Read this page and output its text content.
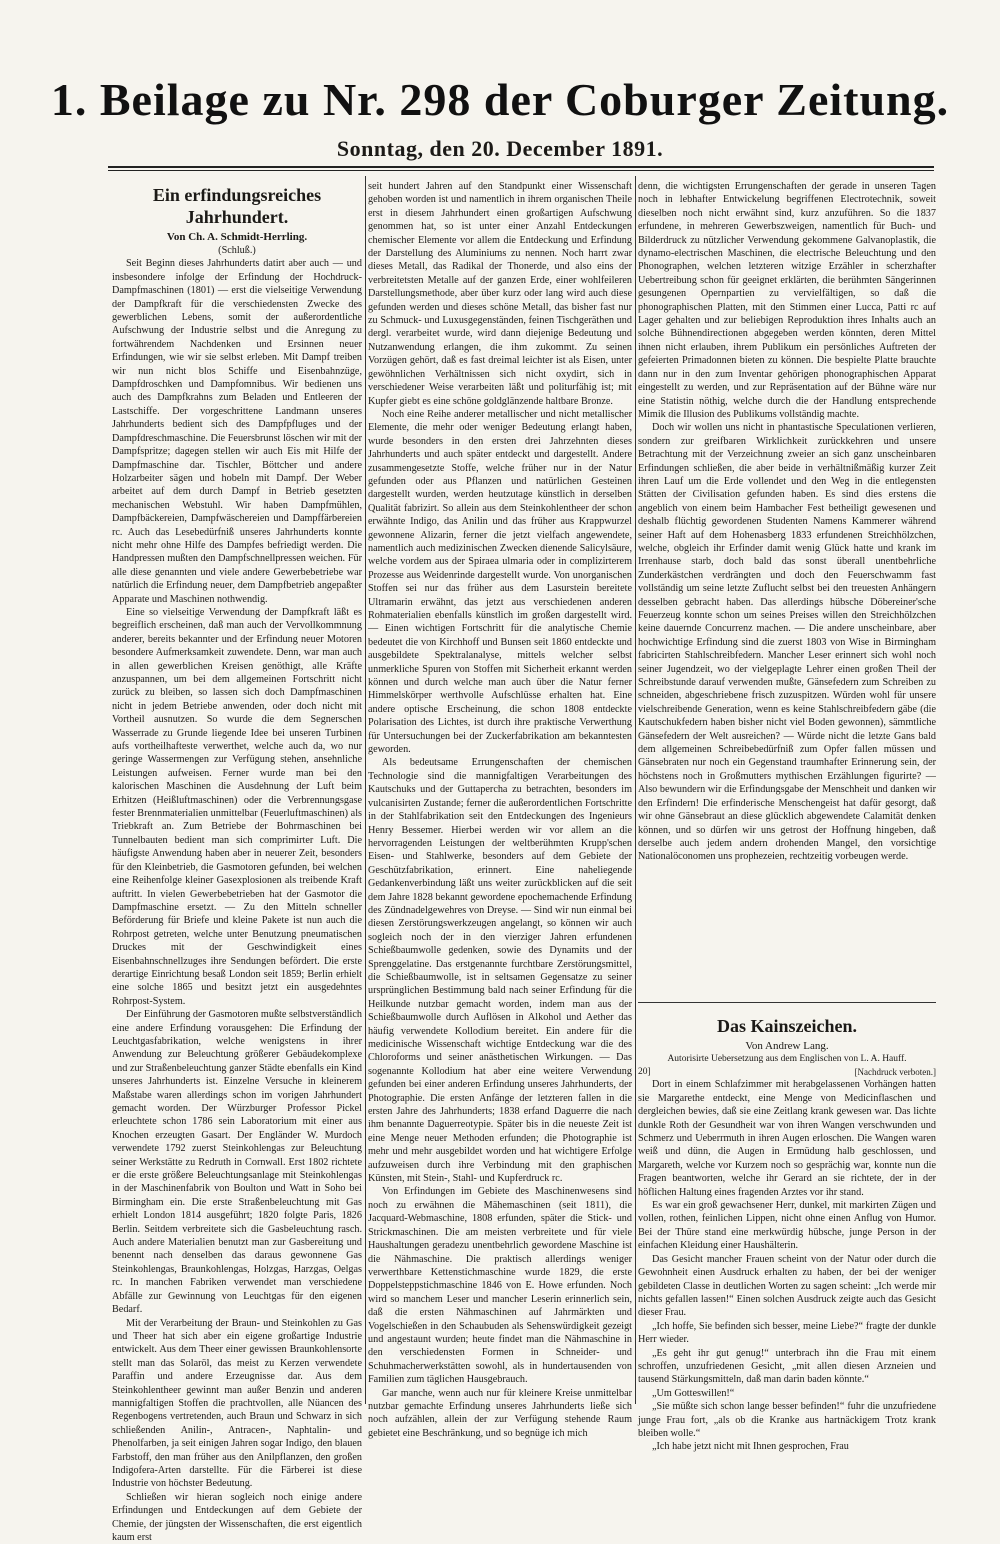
1. Beilage zu Nr. 298 der Coburger Zeitung.
Sonntag, den 20. December 1891.
Ein erfindungsreiches Jahrhundert.
Von Ch. A. Schmidt-Herrling.
(Schluß.)

Seit Beginn dieses Jahrhunderts datirt aber auch — und insbesondere infolge der Erfindung der Hochdruck-Dampfmaschinen (1801) — erst die vielseitige Verwendung der Dampfkraft für die verschiedensten Zwecke des gewerblichen Lebens, somit der außerordentliche Aufschwung der Industrie selbst und die Anregung zu fortwährendem Nachdenken und Ersinnen neuer Erfindungen, wie wir sie selbst erleben. Mit Dampf treiben wir nun nicht blos Schiffe und Eisenbahnzüge, Dampfdroschken und Dampfomnibus. Wir bedienen uns auch des Dampfkrahns zum Beladen und Entleeren der Lastschiffe. Der vorgeschrittene Landmann unseres Jahrhunderts bedient sich des Dampfpfluges und der Dampfdreschmaschine. Die Feuersbrunst löschen wir mit der Dampfspritze; dagegen stellen wir auch Eis mit Hilfe der Dampfmaschine dar. Tischler, Böttcher und andere Holzarbeiter sägen und hobeln mit Dampf. Der Weber arbeitet auf dem durch Dampf in Betrieb gesetzten mechanischen Webstuhl. Wir haben Dampfmühlen, Dampfbäckereien, Dampfwäschereien und Dampffärbereien rc. Auch das Lesebedürfniß unseres Jahrhunderts konnte nicht mehr ohne Hilfe des Dampfes befriedigt werden. Die Handpressen mußten den Dampfschnellpressen weichen. Für alle diese genannten und viele andere Gewerbebetriebe war natürlich die Erfindung neuer, dem Dampfbetrieb angepaßter Apparate und Maschinen nothwendig.

Eine so vielseitige Verwendung der Dampfkraft läßt es begreiflich erscheinen, daß man auch der Vervollkommnung anderer, bereits bekannter und der Erfindung neuer Motoren besondere Aufmerksamkeit zuwendete. Denn, war man auch in allen gewerblichen Kreisen genöthigt, alle Kräfte anzuspannen, um bei dem allgemeinen Fortschritt nicht zurück zu bleiben, so lassen sich doch Dampfmaschinen nicht in jedem Betriebe anwenden, oder doch nicht mit Vortheil ausnutzen. So wurde die dem Segnerschen Wasserrade zu Grunde liegende Idee bei unseren Turbinen aufs vortheilhafteste verwerthet, welche auch da, wo nur geringe Wassermengen zur Verfügung stehen, ansehnliche Leistungen aufweisen. Ferner wurde man bei den kalorischen Maschinen die Ausdehnung der Luft beim Erhitzen (Heißluftmaschinen) oder die Verbrennungsgase fester Brennmaterialien unmittelbar (Feuerluftmaschinen) als Triebkraft an. Zum Betriebe der Bohrmaschinen bei Tunnelbauten bedient man sich comprimirter Luft. Die häufigste Anwendung haben aber in neuerer Zeit, besonders für den Kleinbetrieb, die Gasmotoren gefunden, bei welchen eine Reihenfolge kleiner Gasexplosionen als treibende Kraft auftritt. In vielen Gewerbebetrieben hat der Gasmotor die Dampfmaschine ersetzt. — Zu den Mitteln schneller Beförderung für Briefe und kleine Pakete ist nun auch die Rohrpost getreten, welche unter Benutzung pneumatischen Druckes mit der Geschwindigkeit eines Eisenbahnschnellzuges ihre Sendungen befördert. Die erste derartige Einrichtung besaß London seit 1859; Berlin erhielt eine solche 1865 und besitzt jetzt ein ausgedehntes Rohrpost-System.

Der Einführung der Gasmotoren mußte selbstverständlich eine andere Erfindung vorausgehen: Die Erfindung der Leuchtgasfabrikation, welche wenigstens in ihrer Anwendung zur Beleuchtung größerer Gebäudekomplexe und zur Straßenbeleuchtung ganzer Städte ebenfalls ein Kind unseres Jahrhunderts ist. Einzelne Versuche in kleinerem Maßstabe waren allerdings schon im vorigen Jahrhundert gemacht worden. Der Würzburger Professor Pickel erleuchtete schon 1786 sein Laboratorium mit einer aus Knochen erzeugten Gasart. Der Engländer W. Murdoch verwendete 1792 zuerst Steinkohlengas zur Beleuchtung seiner Werkstätte zu Redruth in Cornwall. Erst 1802 richtete er die erste größere Beleuchtungsanlage mit Steinkohlengas in der Maschinenfabrik von Boulton und Watt in Soho bei Birmingham ein. Die erste Straßenbeleuchtung mit Gas erhielt London 1814 ausgeführt; 1820 folgte Paris, 1826 Berlin. Seitdem verbreitete sich die Gasbeleuchtung rasch. Auch andere Materialien benutzt man zur Gasbereitung und benennt nach denselben das daraus gewonnene Gas Steinkohlengas, Braunkohlengas, Holzgas, Harzgas, Oelgas rc. In manchen Fabriken verwendet man verschiedene Abfälle zur Gewinnung von Leuchtgas für den eigenen Bedarf.

Mit der Verarbeitung der Braun- und Steinkohlen zu Gas und Theer hat sich aber ein eigene großartige Industrie entwickelt. Aus dem Theer einer gewissen Braunkohlensorte stellt man das Solaröl, das meist zu Kerzen verwendete Paraffin und andere Erzeugnisse dar. Aus dem Steinkohlentheer gewinnt man außer Benzin und anderen mannigfaltigen Stoffen die prachtvollen, alle Nüancen des Regenbogens vertretenden, auch Braun und Schwarz in sich schließenden Anilin-, Antracen-, Naphtalin- und Phenolfarben, ja seit einigen Jahren sogar Indigo, den blauen Farbstoff, den man früher aus den Anilpflanzen, den großen Indigofera-Arten darstellte. Für die Färberei ist diese Industrie von höchster Bedeutung.

Schließen wir hieran sogleich noch einige andere Erfindungen und Entdeckungen auf dem Gebiete der Chemie, der jüngsten der Wissenschaften, die erst eigentlich kaum erst

seit hundert Jahren auf den Standpunkt einer Wissenschaft gehoben worden ist und namentlich in ihrem organischen Theile erst in diesem Jahrhundert einen großartigen Aufschwung genommen hat, so ist unter einer Anzahl Entdeckungen chemischer Elemente vor allem die Entdeckung und Erfindung der Darstellung des Aluminiums zu nennen. Noch harrt zwar dieses Metall, das Radikal der Thonerde, und also eins der verbreitetsten Metalle auf der ganzen Erde, einer wohlfeileren Darstellungsmethode, aber über kurz oder lang wird auch diese gefunden werden und dieses schöne Metall, das bisher fast nur zu Schmuck- und Luxusgegenständen, feinen Tischgeräthen und dergl. verarbeitet wurde, wird dann diejenige Bedeutung und Nutzanwendung erlangen, die ihm zukommt. Zu seinen Vorzügen gehört, daß es fast dreimal leichter ist als Eisen, unter gewöhnlichen Verhältnissen sich nicht oxydirt, sich in verschiedener Weise verarbeiten läßt und politurfähig ist; mit Kupfer giebt es eine schöne goldglänzende haltbare Bronze.

Noch eine Reihe anderer metallischer und nicht metallischer Elemente, die mehr oder weniger Bedeutung erlangt haben, wurde besonders in den ersten drei Jahrzehnten dieses Jahrhunderts und auch später entdeckt und dargestellt. Andere zusammengesetzte Stoffe, welche früher nur in der Natur gefunden oder aus Pflanzen und natürlichen Gesteinen dargestellt wurden, werden heutzutage künstlich in derselben Qualität fabrizirt. So allein aus dem Steinkohlentheer der schon erwähnte Indigo, das Anilin und das früher aus Krappwurzel gewonnene Alizarin, ferner die jetzt vielfach angewendete, namentlich auch medizinischen Zwecken dienende Salicylsäure, welche vordem aus der Spiraea ulmaria oder in complizirterem Prozesse aus Weidenrinde dargestellt wurde. Von unorganischen Stoffen sei nur das früher aus dem Lasurstein bereitete Ultramarin erwähnt, das jetzt aus verschiedenen anderen Rohmaterialien ebenfalls künstlich im großen dargestellt wird. — Einen wichtigen Fortschritt für die analytische Chemie bedeutet die von Kirchhoff und Bunsen seit 1860 entdeckte und ausgebildete Spektralanalyse, mittels welcher selbst unmerkliche Spuren von Stoffen mit Sicherheit erkannt werden können und durch welche man auch über die Natur ferner Himmelskörper werthvolle Aufschlüsse erhalten hat. Eine andere optische Erscheinung, die schon 1808 entdeckte Polarisation des Lichtes, ist durch ihre praktische Verwerthung für Untersuchungen bei der Zuckerfabrikation am bekanntesten geworden.

Als bedeutsame Errungenschaften der chemischen Technologie sind die mannigfaltigen Verarbeitungen des Kautschuks und der Guttapercha zu betrachten, besonders im vulcanisirten Zustande; ferner die außerordentlichen Fortschritte in der Stahlfabrikation seit den Entdeckungen des Ingenieurs Henry Bessemer. Hierbei werden wir vor allem an die hervorragenden Leistungen der weltberühmten Krupp'schen Eisen- und Stahlwerke, besonders auf dem Gebiete der Geschützfabrikation, erinnert. Eine naheliegende Gedankenverbindung läßt uns weiter zurückblicken auf die seit dem Jahre 1828 bekannt gewordene epochemachende Erfindung des Zündnadelgewehres von Dreyse. — Sind wir nun einmal bei diesen Zerstörungswerkzeugen angelangt, so können wir auch sogleich noch der in den vierziger Jahren erfundenen Schießbaumwolle gedenken, sowie des Dynamits und der Sprenggelatine. Das erstgenannte furchtbare Zerstörungsmittel, die Schießbaumwolle, ist in seltsamen Gegensatze zu seiner ursprünglichen Bestimmung bald nach seiner Erfindung für die Heilkunde nutzbar gemacht worden, indem man aus der Schießbaumwolle durch Auflösen in Alkohol und Aether das häufig verwendete Kollodium bereitet. Ein andere für die medicinische Wissenschaft wichtige Entdeckung war die des Chloroforms und seiner anästhetischen Wirkungen. — Das sogenannte Kollodium hat aber eine weitere Verwendung gefunden bei einer anderen Erfindung unseres Jahrhunderts, der Photographie. Die ersten Anfänge der letzteren fallen in die ersten Jahre des Jahrhunderts; 1838 erfand Daguerre die nach ihm benannte Daguerreotypie. Später bis in die neueste Zeit ist eine Menge neuer Methoden erfunden; die Photographie ist mehr und mehr ausgebildet worden und hat wichtigere Erfolge aufzuweisen durch ihre Verbindung mit den graphischen Künsten, mit Stein-, Stahl- und Kupferdruck rc.

Von Erfindungen im Gebiete des Maschinenwesens sind noch zu erwähnen die Mähemaschinen (seit 1811), die Jacquard-Webmaschine, 1808 erfunden, später die Stick- und Strickmaschinen. Die am meisten verbreitete und für viele Haushaltungen geradezu unentbehrlich gewordene Maschine ist die Nähmaschine. Die praktisch allerdings weniger verwerthbare Kettenstichmaschine wurde 1829, die erste Doppelsteppstichmaschine 1846 von E. Howe erfunden. Noch wird so manchem Leser und mancher Leserin erinnerlich sein, daß die ersten Nähmaschinen auf Jahrmärkten und Vogelschießen in den Schaubuden als Sehenswürdigkeit gezeigt und angestaunt wurden; heute findet man die Nähmaschine in den verschiedensten Formen in Schneider- und Schuhmacherwerkstätten sowohl, als in hundertausenden von Familien zum täglichen Hausgebrauch.

Gar manche, wenn auch nur für kleinere Kreise unmittelbar nutzbar gemachte Erfindung unseres Jahrhunderts ließe sich noch aufzählen, allein der zur Verfügung stehende Raum gebietet eine Beschränkung, und so begnüge ich mich

denn, die wichtigsten Errungenschaften der gerade in unseren Tagen noch in lebhafter Entwickelung begriffenen Electrotechnik, soweit dieselben noch nicht erwähnt sind, kurz anzuführen. So die 1837 erfundene, in mehreren Gewerbszweigen, namentlich für Buch- und Bilderdruck zu nützlicher Verwendung gekommene Galvanoplastik, die dynamo-electrischen Maschinen, die electrische Beleuchtung und den Phonographen, welchen letzteren witzige Erzähler in scherzhafter Uebertreibung schon für geeignet erklärten, die berühmten Sängerinnen gesungenen Opernpartien zu vervielfältigen, so daß die phonographischen Platten, mit den Stimmen einer Lucca, Patti rc auf Lager gehalten und zur beliebigen Reproduktion ihres Inhalts auch an solche Bühnendirectionen abgegeben werden könnten, deren Mittel ihnen nicht erlauben, ihrem Publikum ein persönliches Auftreten der gefeierten Primadonnen bieten zu können. Die bespielte Platte brauchte dann nur in den zum Inventar gehörigen phonographischen Apparat eingestellt zu werden, und zur Repräsentation auf der Bühne wäre nur eine Statistin nöthig, welche durch die der Handlung entsprechende Mimik die Illusion des Publikums vollständig machte.

Doch wir wollen uns nicht in phantastische Speculationen verlieren, sondern zur greifbaren Wirklichkeit zurückkehren und unsere Betrachtung mit der Verzeichnung zweier an sich ganz unscheinbaren Erfindungen schließen, die aber beide in verhältnißmäßig kurzer Zeit ihren Lauf um die Erde vollendet und den Weg in die entlegensten Stätten der Civilisation gefunden haben. Es sind dies erstens die angeblich von einem beim Hambacher Fest betheiligt gewesenen und deshalb flüchtig gewordenen Studenten Namens Kammerer während seiner Haft auf dem Hohenasberg 1833 erfundenen Streichhölzchen, welche, obgleich ihr Erfinder damit wenig Glück hatte und krank im Irrenhause starb, doch bald das sonst überall unentbehrliche Zunderkästchen verdrängten und doch den Feuerschwamm fast vollständig um seine letzte Zuflucht selbst bei den treuesten Anhängern desselben gebracht haben. Das allerdings hübsche Döbereiner'sche Feuerzeug konnte schon um seines Preises willen den Streichhölzchen keine dauernde Concurrenz machen. — Die andere unscheinbare, aber hochwichtige Erfindung sind die zuerst 1803 von Wise in Birmingham fabricirten Stahlschreibfedern. Mancher Leser erinnert sich wohl noch seiner Jugendzeit, wo der vielgeplagte Lehrer einen großen Theil der Schreibstunde darauf verwenden mußte, Gänsefedern zum Schreiben zu schneiden, abgeschriebene frisch zuzuspitzen. Würden wohl für unsere vielschreibende Generation, wenn es keine Stahlschreibfedern gäbe (die Kautschukfedern haben bisher nicht viel Boden gewonnen), sämmtliche Gänsefedern der Welt ausreichen? — Würde nicht die letzte Gans bald dem allgemeinen Schreibebedürfniß zum Opfer fallen müssen und Gänsebraten nur noch ein Gegenstand traumhafter Erinnerung sein, der höchstens noch in Großmutters mythischen Erzählungen figurirte? — Also bewundern wir die Erfindungsgabe der Menschheit und danken wir den Erfindern! Die erfinderische Menschengeist hat dafür gesorgt, daß wir ohne Gänsebraut an diese glücklich abgewendete Calamität denken können, und so dürfen wir uns getrost der Hoffnung hingeben, daß derselbe auch jedem andern drohenden Mangel, den vorsichtige Nationalöconomen uns prophezeien, rechtzeitig vorbeugen werde.

Das Kainszeichen.
Von Andrew Lang.
Autorisirte Uebersetzung aus dem Englischen von L. A. Hauff.
20]	[Nachdruck verboten.]

Dort in einem Schlafzimmer mit herabgelassenen Vorhängen hatten sie Margarethe entdeckt, eine Menge von Medicinflaschen und dergleichen bewies, daß sie eine Zeitlang krank gewesen war. Das lichte dunkle Roth der Gesundheit war von ihren Wangen verschwunden und Schmerz und Ueberrmuth in ihren Augen erloschen. Die Wangen waren weiß und dünn, die Augen in Ermüdung halb geschlossen, und Margareth, welche vor Kurzem noch so gesprächig war, konnte nun die Fragen beantworten, welche ihr Gerard an sie richtete, der in der höflichen Haltung eines fragenden Arztes vor ihr stand.

Es war ein groß gewachsener Herr, dunkel, mit markirten Zügen und vollen, rothen, feinlichen Lippen, nicht ohne einen Anflug von Humor. Bei der Thüre stand eine merkwürdig hübsche, junge Person in der einfachen Kleidung einer Haushälterin.

Das Gesicht mancher Frauen scheint von der Natur oder durch die Gewohnheit einen Ausdruck erhalten zu haben, der bei der weniger gebildeten Classe in deutlichen Worten zu sagen scheint: „Ich werde mir nichts gefallen lassen!“ Einen solchen Ausdruck zeigte auch das Gesicht dieser Frau.

„Ich hoffe, Sie befinden sich besser, meine Liebe?“ fragte der dunkle Herr wieder.

„Es geht ihr gut genug!“ unterbrach ihn die Frau mit einem schroffen, unzufriedenen Gesicht, „mit allen diesen Arzneien und tausend Stärkungsmitteln, daß man darin baden könnte.“

„Um Gotteswillen!“

„Sie müßte sich schon lange besser befinden!“ fuhr die unzufriedene junge Frau fort, „als ob die Kranke aus hartnäckigem Trotz krank bleiben wolle.“

„Ich habe jetzt nicht mit Ihnen gesprochen, Frau
